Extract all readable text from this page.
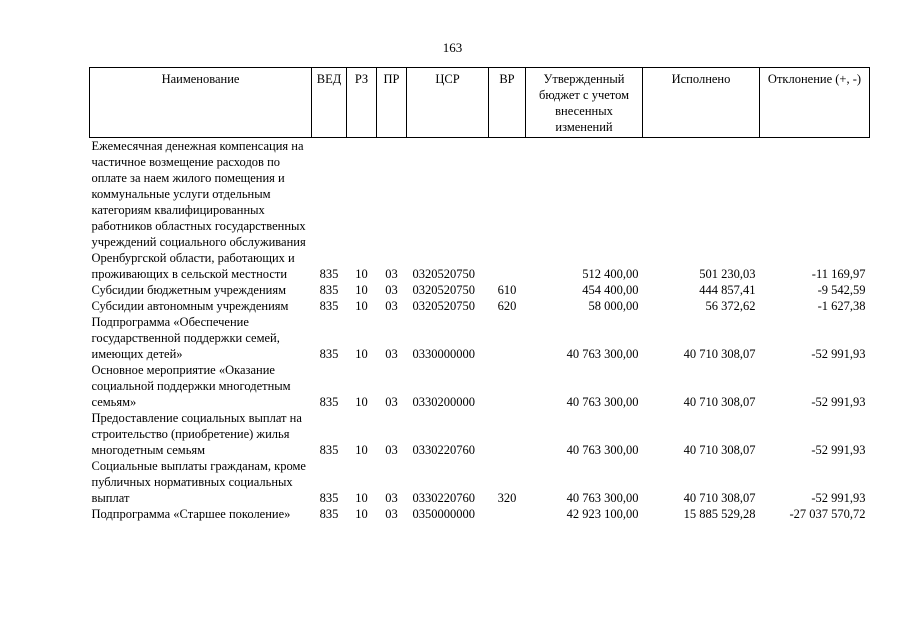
163
Наименование	ВЕД	РЗ	ПР	ЦСР	ВР	Утвержденный бюджет с учетом внесенных изменений	Исполнено	Отклонение (+, -)
Ежемесячная денежная компенсация на частичное возмещение расходов по оплате за наем жилого помещения и коммунальные услуги отдельным категориям квалифицированных работников областных государственных учреждений социального обслуживания Оренбургской области, работающих и проживающих в сельской местности	835	10	03	0320520750		512 400,00	501 230,03	-11 169,97
Субсидии бюджетным учреждениям	835	10	03	0320520750	610	454 400,00	444 857,41	-9 542,59
Субсидии автономным учреждениям	835	10	03	0320520750	620	58 000,00	56 372,62	-1 627,38
Подпрограмма «Обеспечение государственной поддержки семей, имеющих детей»	835	10	03	0330000000		40 763 300,00	40 710 308,07	-52 991,93
Основное мероприятие «Оказание социальной поддержки многодетным семьям»	835	10	03	0330200000		40 763 300,00	40 710 308,07	-52 991,93
Предоставление социальных выплат на строительство (приобретение) жилья многодетным семьям	835	10	03	0330220760		40 763 300,00	40 710 308,07	-52 991,93
Социальные выплаты гражданам, кроме публичных нормативных социальных выплат	835	10	03	0330220760	320	40 763 300,00	40 710 308,07	-52 991,93
Подпрограмма «Старшее поколение»	835	10	03	0350000000		42 923 100,00	15 885 529,28	-27 037 570,72
